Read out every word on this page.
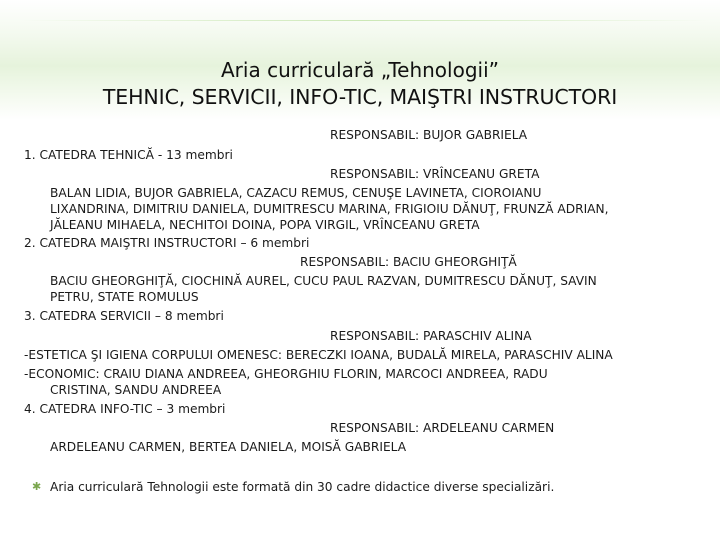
Aria curriculară „Tehnologii”
TEHNIC, SERVICII, INFO-TIC, MAIŞTRI INSTRUCTORI
RESPONSABIL: BUJOR GABRIELA
1. CATEDRA TEHNICĂ - 13 membri
RESPONSABIL: VRÎNCEANU GRETA
BALAN LIDIA, BUJOR GABRIELA, CAZACU REMUS, CENUŞE LAVINETA, CIOROIANU
LIXANDRINA, DIMITRIU DANIELA, DUMITRESCU MARINA, FRIGIOIU DĂNUŢ, FRUNZĂ ADRIAN,
JĂLEANU MIHAELA, NECHITOI DOINA, POPA VIRGIL, VRÎNCEANU GRETA
2. CATEDRA MAIŞTRI INSTRUCTORI – 6 membri
RESPONSABIL: BACIU GHEORGHIŢĂ
BACIU GHEORGHIŢĂ, CIOCHINĂ AUREL, CUCU PAUL RAZVAN, DUMITRESCU DĂNUŢ, SAVIN
PETRU, STATE ROMULUS
3. CATEDRA SERVICII – 8 membri
RESPONSABIL: PARASCHIV ALINA
-ESTETICA ŞI IGIENA CORPULUI OMENESC: BERECZKI IOANA, BUDALĂ MIRELA, PARASCHIV ALINA
-ECONOMIC: CRAIU DIANA ANDREEA, GHEORGHIU FLORIN, MARCOCI ANDREEA, RADU
CRISTINA, SANDU ANDREEA
4. CATEDRA INFO-TIC – 3 membri
RESPONSABIL: ARDELEANU CARMEN
ARDELEANU CARMEN, BERTEA DANIELA, MOISĂ GABRIELA
✱ Aria curriculară Tehnologii este formată din 30 cadre didactice diverse specializări.
